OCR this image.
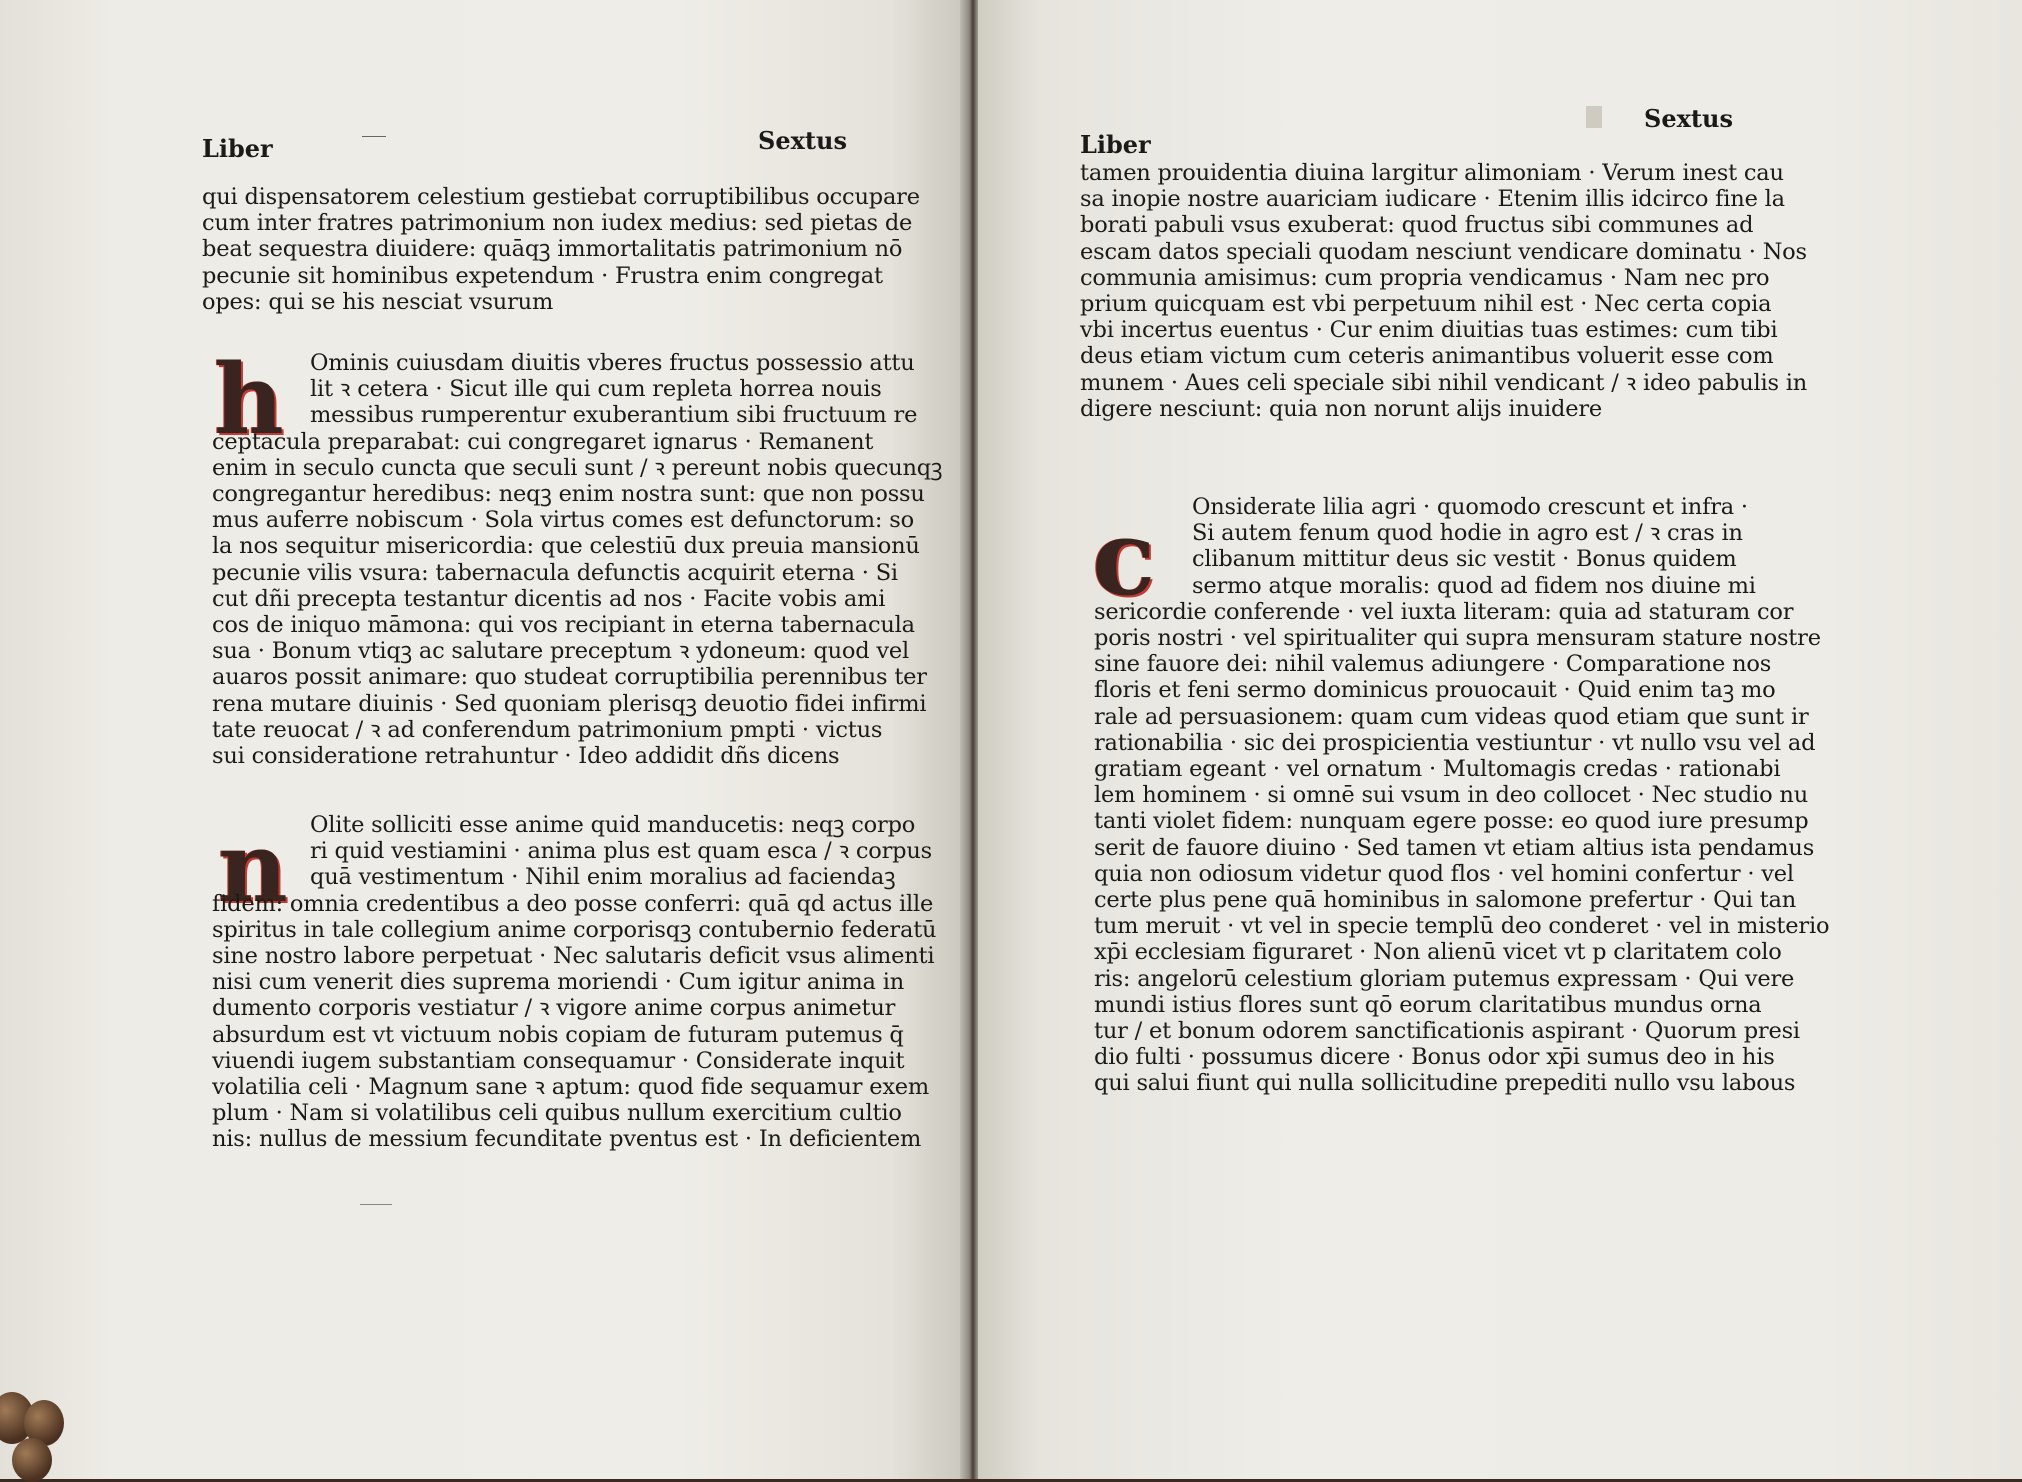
Liber	Sextus
qui dispensatorem celestium gestiebat corruptibilibus occupare
cum inter fratres patrimonium non iudex medius: sed pietas de
beat sequestra diuidere: quāqꝫ immortalitatis patrimonium nō
pecunie sit hominibus expetendum · Frustra enim congregat
opes: qui se his nesciat vsurum
h	Ominis cuiusdam diuitis vberes fructus possessio attu
lit ꝛ cetera · Sicut ille qui cum repleta horrea nouis
messibus rumperentur exuberantium sibi fructuum re
ceptacula preparabat: cui congregaret ignarus · Remanent
enim in seculo cuncta que seculi sunt / ꝛ pereunt nobis quecunqꝫ
congregantur heredibus: neqꝫ enim nostra sunt: que non possu
mus auferre nobiscum · Sola virtus comes est defunctorum: so
la nos sequitur misericordia: que celestiū dux preuia mansionū
pecunie vilis vsura: tabernacula defunctis acquirit eterna · Si
cut dñi precepta testantur dicentis ad nos · Facite vobis ami
cos de iniquo māmona: qui vos recipiant in eterna tabernacula
sua · Bonum vtiqꝫ ac salutare preceptum ꝛ ydoneum: quod vel
auaros possit animare: quo studeat corruptibilia perennibus ter
rena mutare diuinis · Sed quoniam plerisqꝫ deuotio fidei infirmi
tate reuocat / ꝛ ad conferendum patrimonium pmpti · victus
sui consideratione retrahuntur · Ideo addidit dñs dicens
n Olite solliciti esse anime quid manducetis: neqꝫ corpo
ri quid vestiamini · anima plus est quam esca / ꝛ corpus
quā vestimentum · Nihil enim moralius ad faciendaꝫ
fidem: omnia credentibus a deo posse conferri: quā qd actus ille
spiritus in tale collegium anime corporisqꝫ contubernio federatū
sine nostro labore perpetuat · Nec salutaris deficit vsus alimenti
nisi cum venerit dies suprema moriendi · Cum igitur anima in
dumento corporis vestiatur / ꝛ vigore anime corpus animetur
absurdum est vt victuum nobis copiam de futuram putemus q̄
viuendi iugem substantiam consequamur · Considerate inquit
volatilia celi · Magnum sane ꝛ aptum: quod fide sequamur exem
plum · Nam si volatilibus celi quibus nullum exercitium cultio
nis: nullus de messium fecunditate pventus est · In deficientem
Liber
Sextus
tamen prouidentia diuina largitur alimoniam · Verum inest cau
sa inopie nostre auariciam iudicare · Etenim illis idcirco fine la
borati pabuli vsus exuberat: quod fructus sibi communes ad
escam datos speciali quodam nesciunt vendicare dominatu · Nos
communia amisimus: cum propria vendicamus · Nam nec pro
prium quicquam est vbi perpetuum nihil est · Nec certa copia
vbi incertus euentus · Cur enim diuitias tuas estimes: cum tibi
deus etiam victum cum ceteris animantibus voluerit esse com
munem · Aues celi speciale sibi nihil vendicant / ꝛ ideo pabulis in
digere nesciunt: quia non norunt alijs inuidere
c	Onsiderate lilia agri · quomodo crescunt et infra ·
Si autem fenum quod hodie in agro est / ꝛ cras in
clibanum mittitur deus sic vestit · Bonus quidem
sermo atque moralis: quod ad fidem nos diuine mi
sericordie conferende · vel iuxta literam: quia ad staturam cor
poris nostri · vel spiritualiter qui supra mensuram stature nostre
sine fauore dei: nihil valemus adiungere · Comparatione nos
floris et feni sermo dominicus prouocauit · Quid enim taꝫ mo
rale ad persuasionem: quam cum videas quod etiam que sunt ir
rationabilia · sic dei prospicientia vestiuntur · vt nullo vsu vel ad
gratiam egeant · vel ornatum · Multomagis credas · rationabi
lem hominem · si omnē sui vsum in deo collocet · Nec studio nu
tanti violet fidem: nunquam egere posse: eo quod iure presump
serit de fauore diuino · Sed tamen vt etiam altius ista pendamus
quia non odiosum videtur quod flos · vel homini confertur · vel
certe plus pene quā hominibus in salomone prefertur · Qui tan
tum meruit · vt vel in specie templū deo conderet · vel in misterio
xp̄i ecclesiam figuraret · Non alienū vicet vt p claritatem colo
ris: angelorū celestium gloriam putemus expressam · Qui vere
mundi istius flores sunt qō eorum claritatibus mundus orna
tur / et bonum odorem sanctificationis aspirant · Quorum presi
dio fulti · possumus dicere · Bonus odor xp̄i sumus deo in his
qui salui fiunt qui nulla sollicitudine prepediti nullo vsu labous
